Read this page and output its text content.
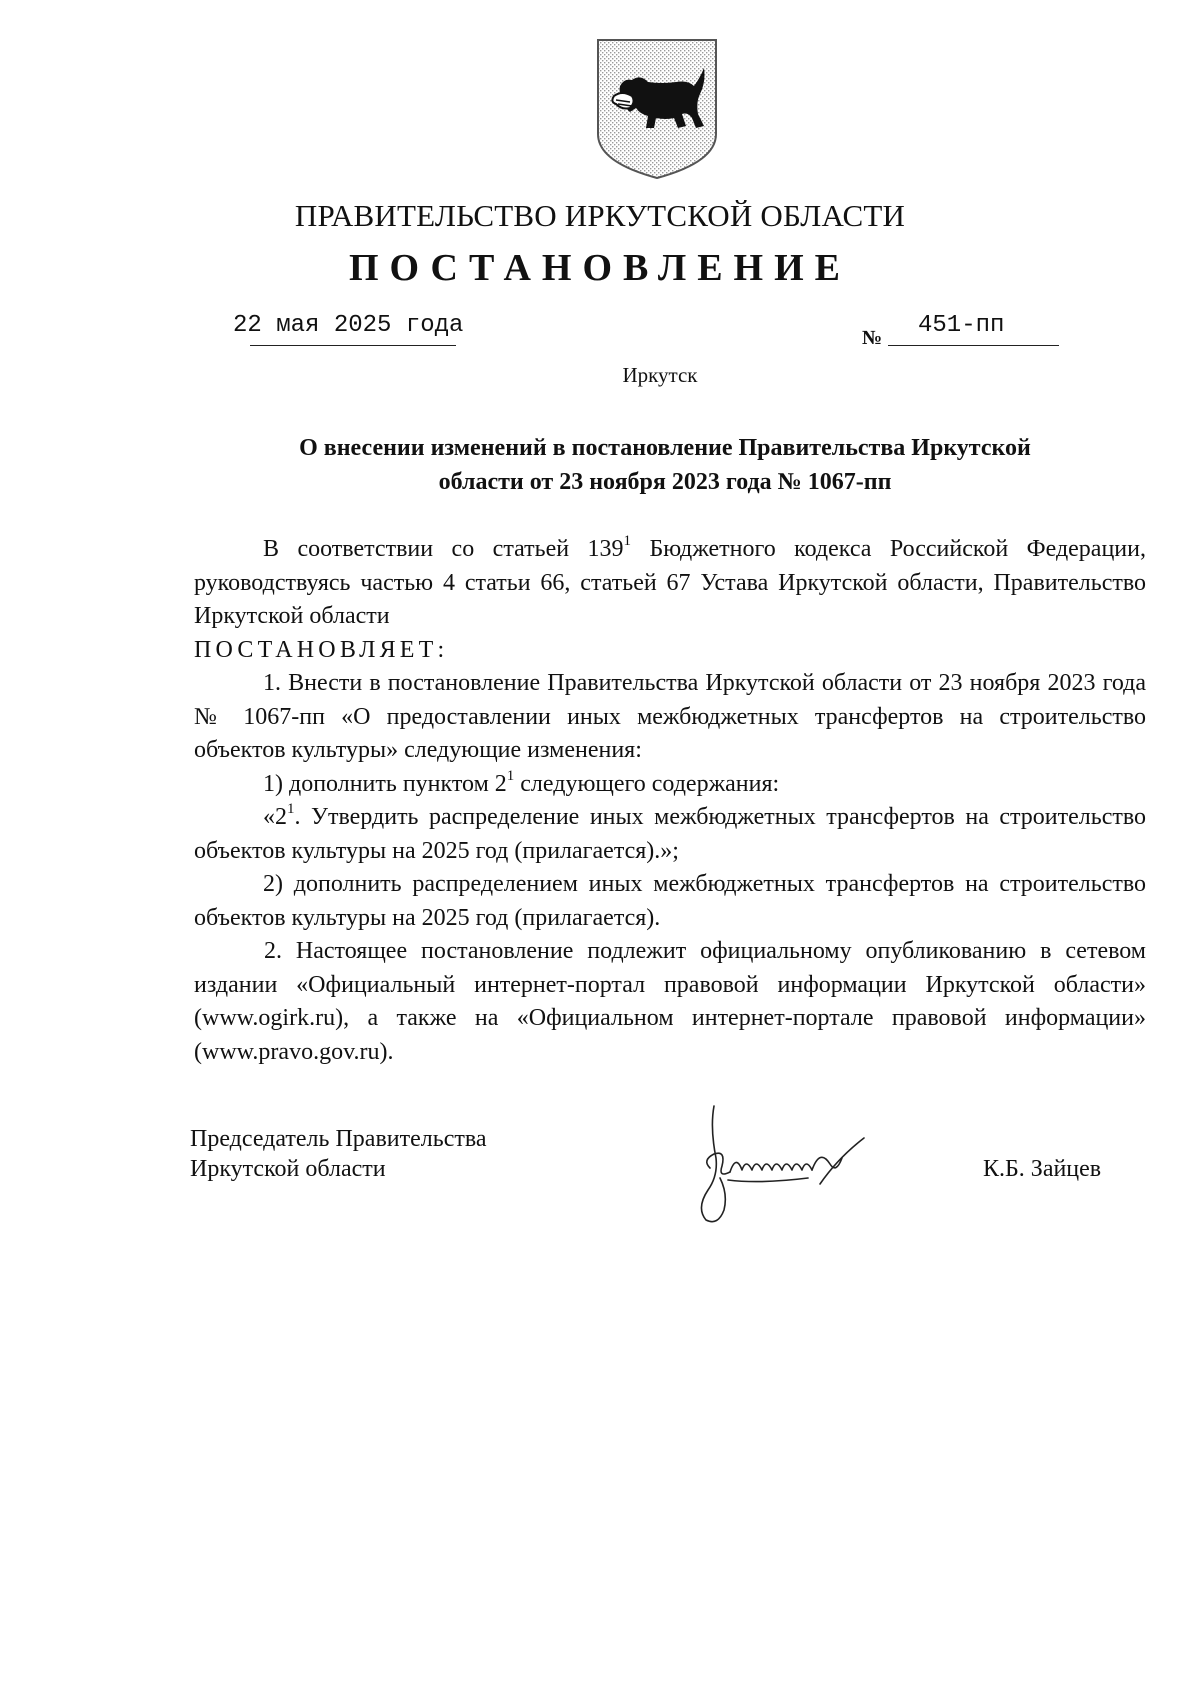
ПРАВИТЕЛЬСТВО ИРКУТСКОЙ ОБЛАСТИ
ПОСТАНОВЛЕНИЕ
22 мая 2025 года	№ 451-пп
Иркутск
О внесении изменений в постановление Правительства Иркутской
области от 23 ноября 2023 года № 1067-пп

В соответствии со статьей $139^1$ Бюджетного кодекса Российской Федерации, руководствуясь частью 4 статьи 66, статьей 67 Устава Иркутской области, Правительство Иркутской области

ПОСТАНОВЛЯЕТ:

1. Внести в постановление Правительства Иркутской области от 23 ноября 2023 года № 1067-пп «О предоставлении иных межбюджетных трансфертов на строительство объектов культуры» следующие изменения:

1) дополнить пунктом $2^1$ следующего содержания:

«$2^1$. Утвердить распределение иных межбюджетных трансфертов на строительство объектов культуры на 2025 год (прилагается).»;

2) дополнить распределением иных межбюджетных трансфертов на строительство объектов культуры на 2025 год (прилагается).

2. Настоящее постановление подлежит официальному опубликованию в сетевом издании «Официальный интернет-портал правовой информации Иркутской области» (www.ogirk.ru), а также на «Официальном интернет-портале правовой информации» (www.pravo.gov.ru).

Председатель Правительства
Иркутской области	К.Б. Зайцев
